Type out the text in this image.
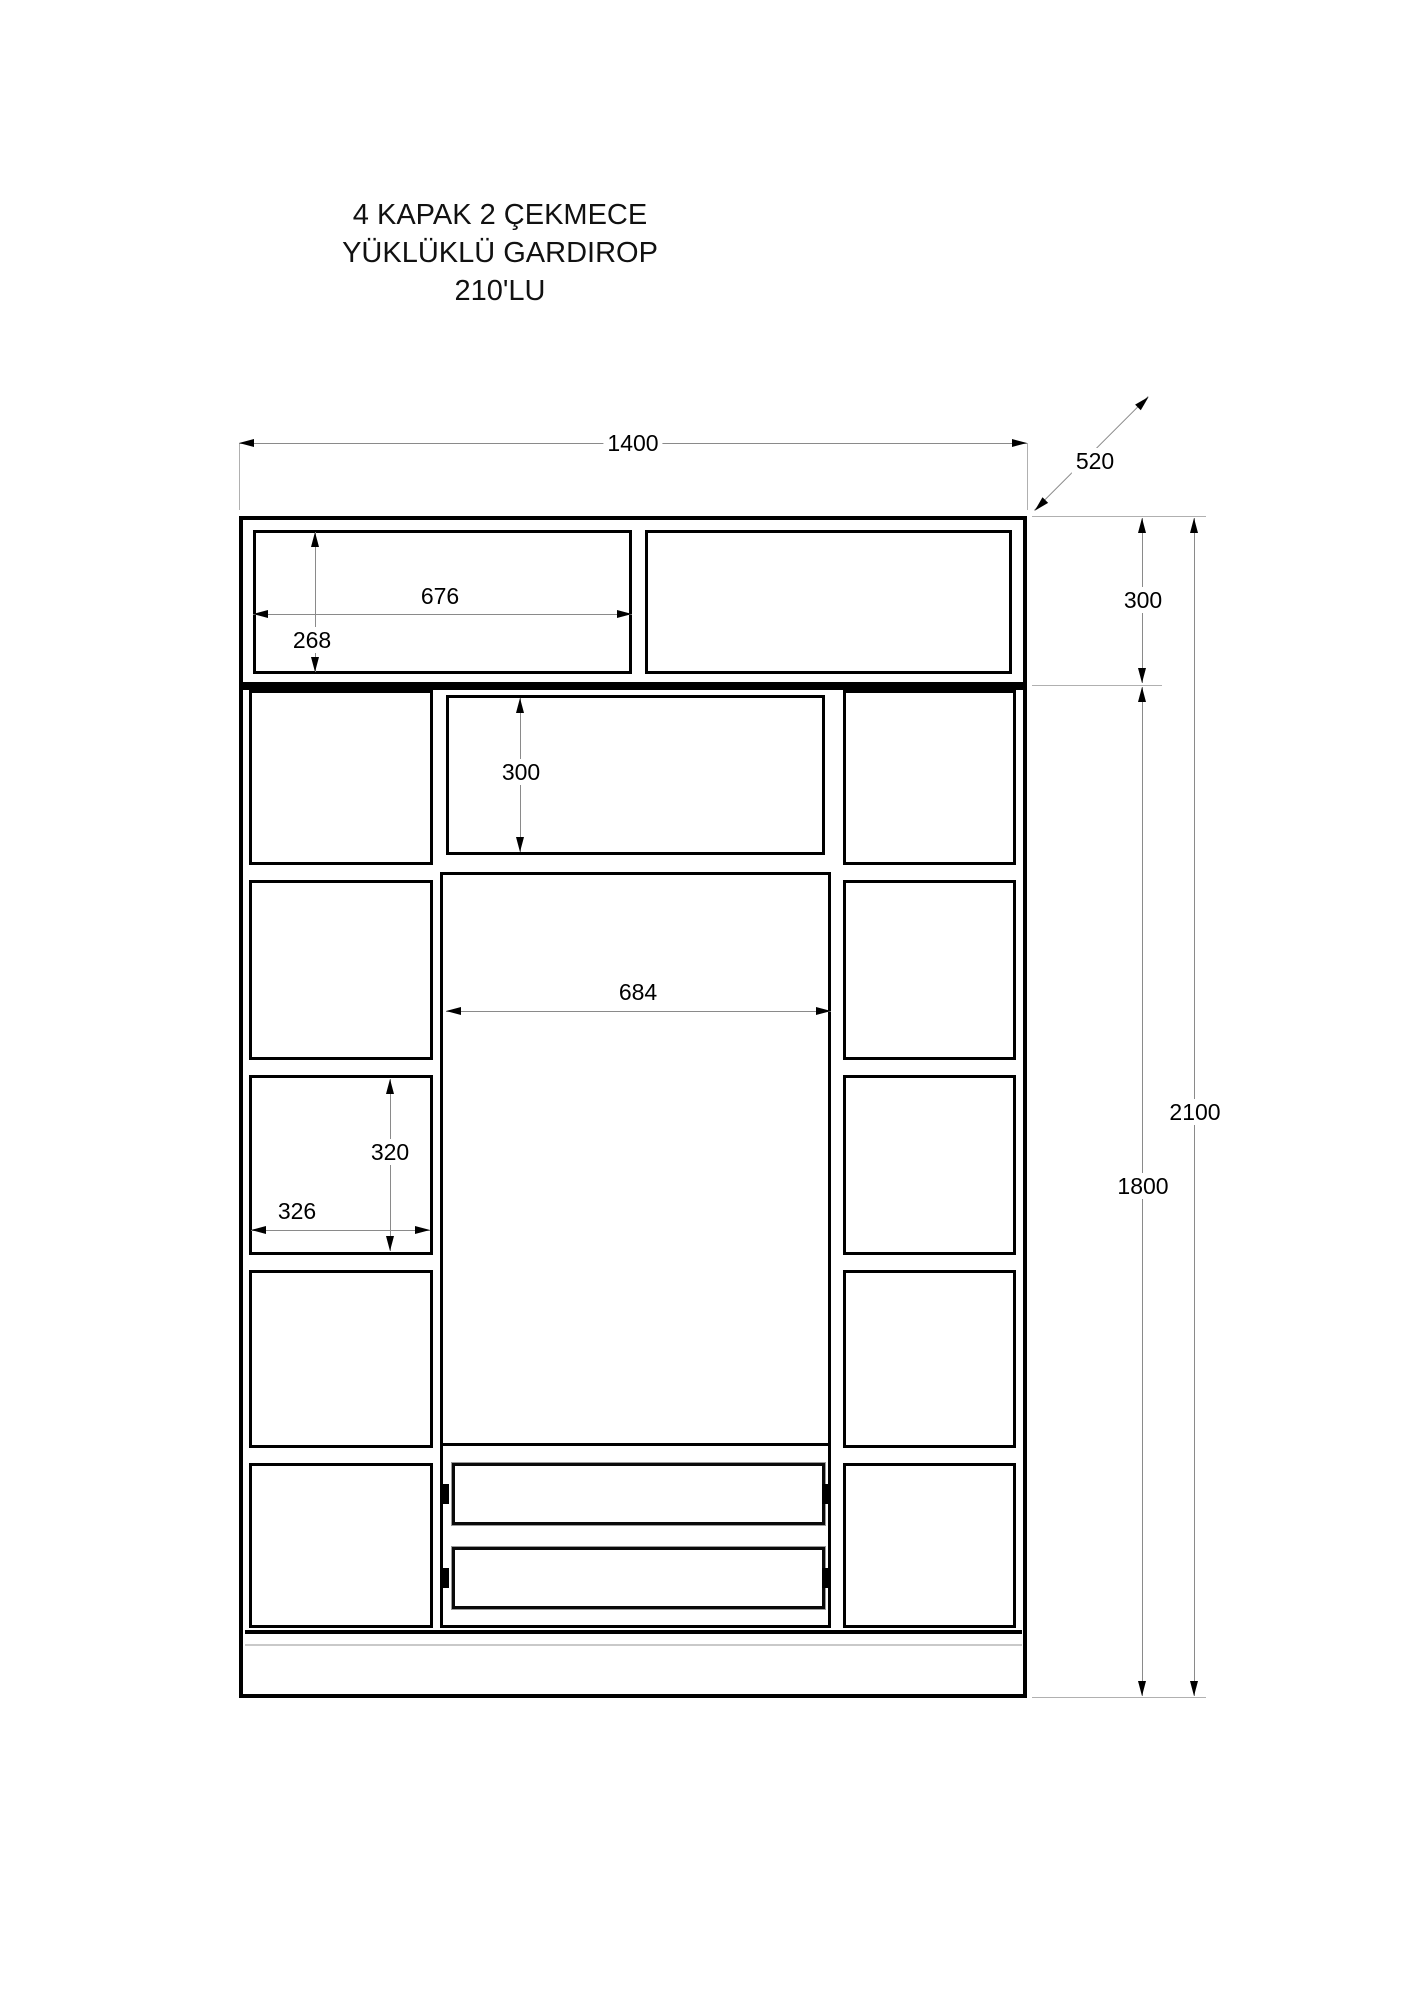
4 KAPAK 2 ÇEKMECE
YÜKLÜKLÜ GARDIROP
210'LU
1400
520
676
268
300
300
684
320
326
2100
1800
